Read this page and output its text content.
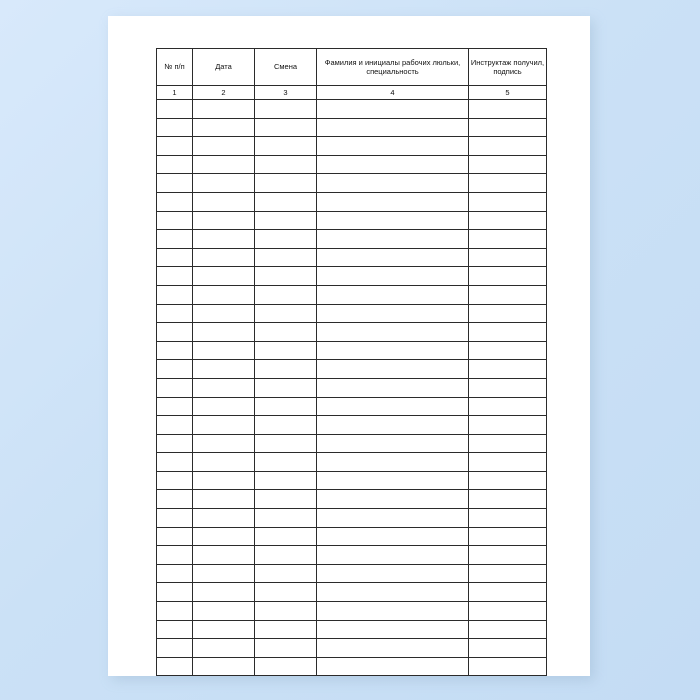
№ п/п	Дата	Смена	Фамилия и инициалы рабочих люльки, специальность	Инструктаж получил, подпись
1	2	3	4	5
